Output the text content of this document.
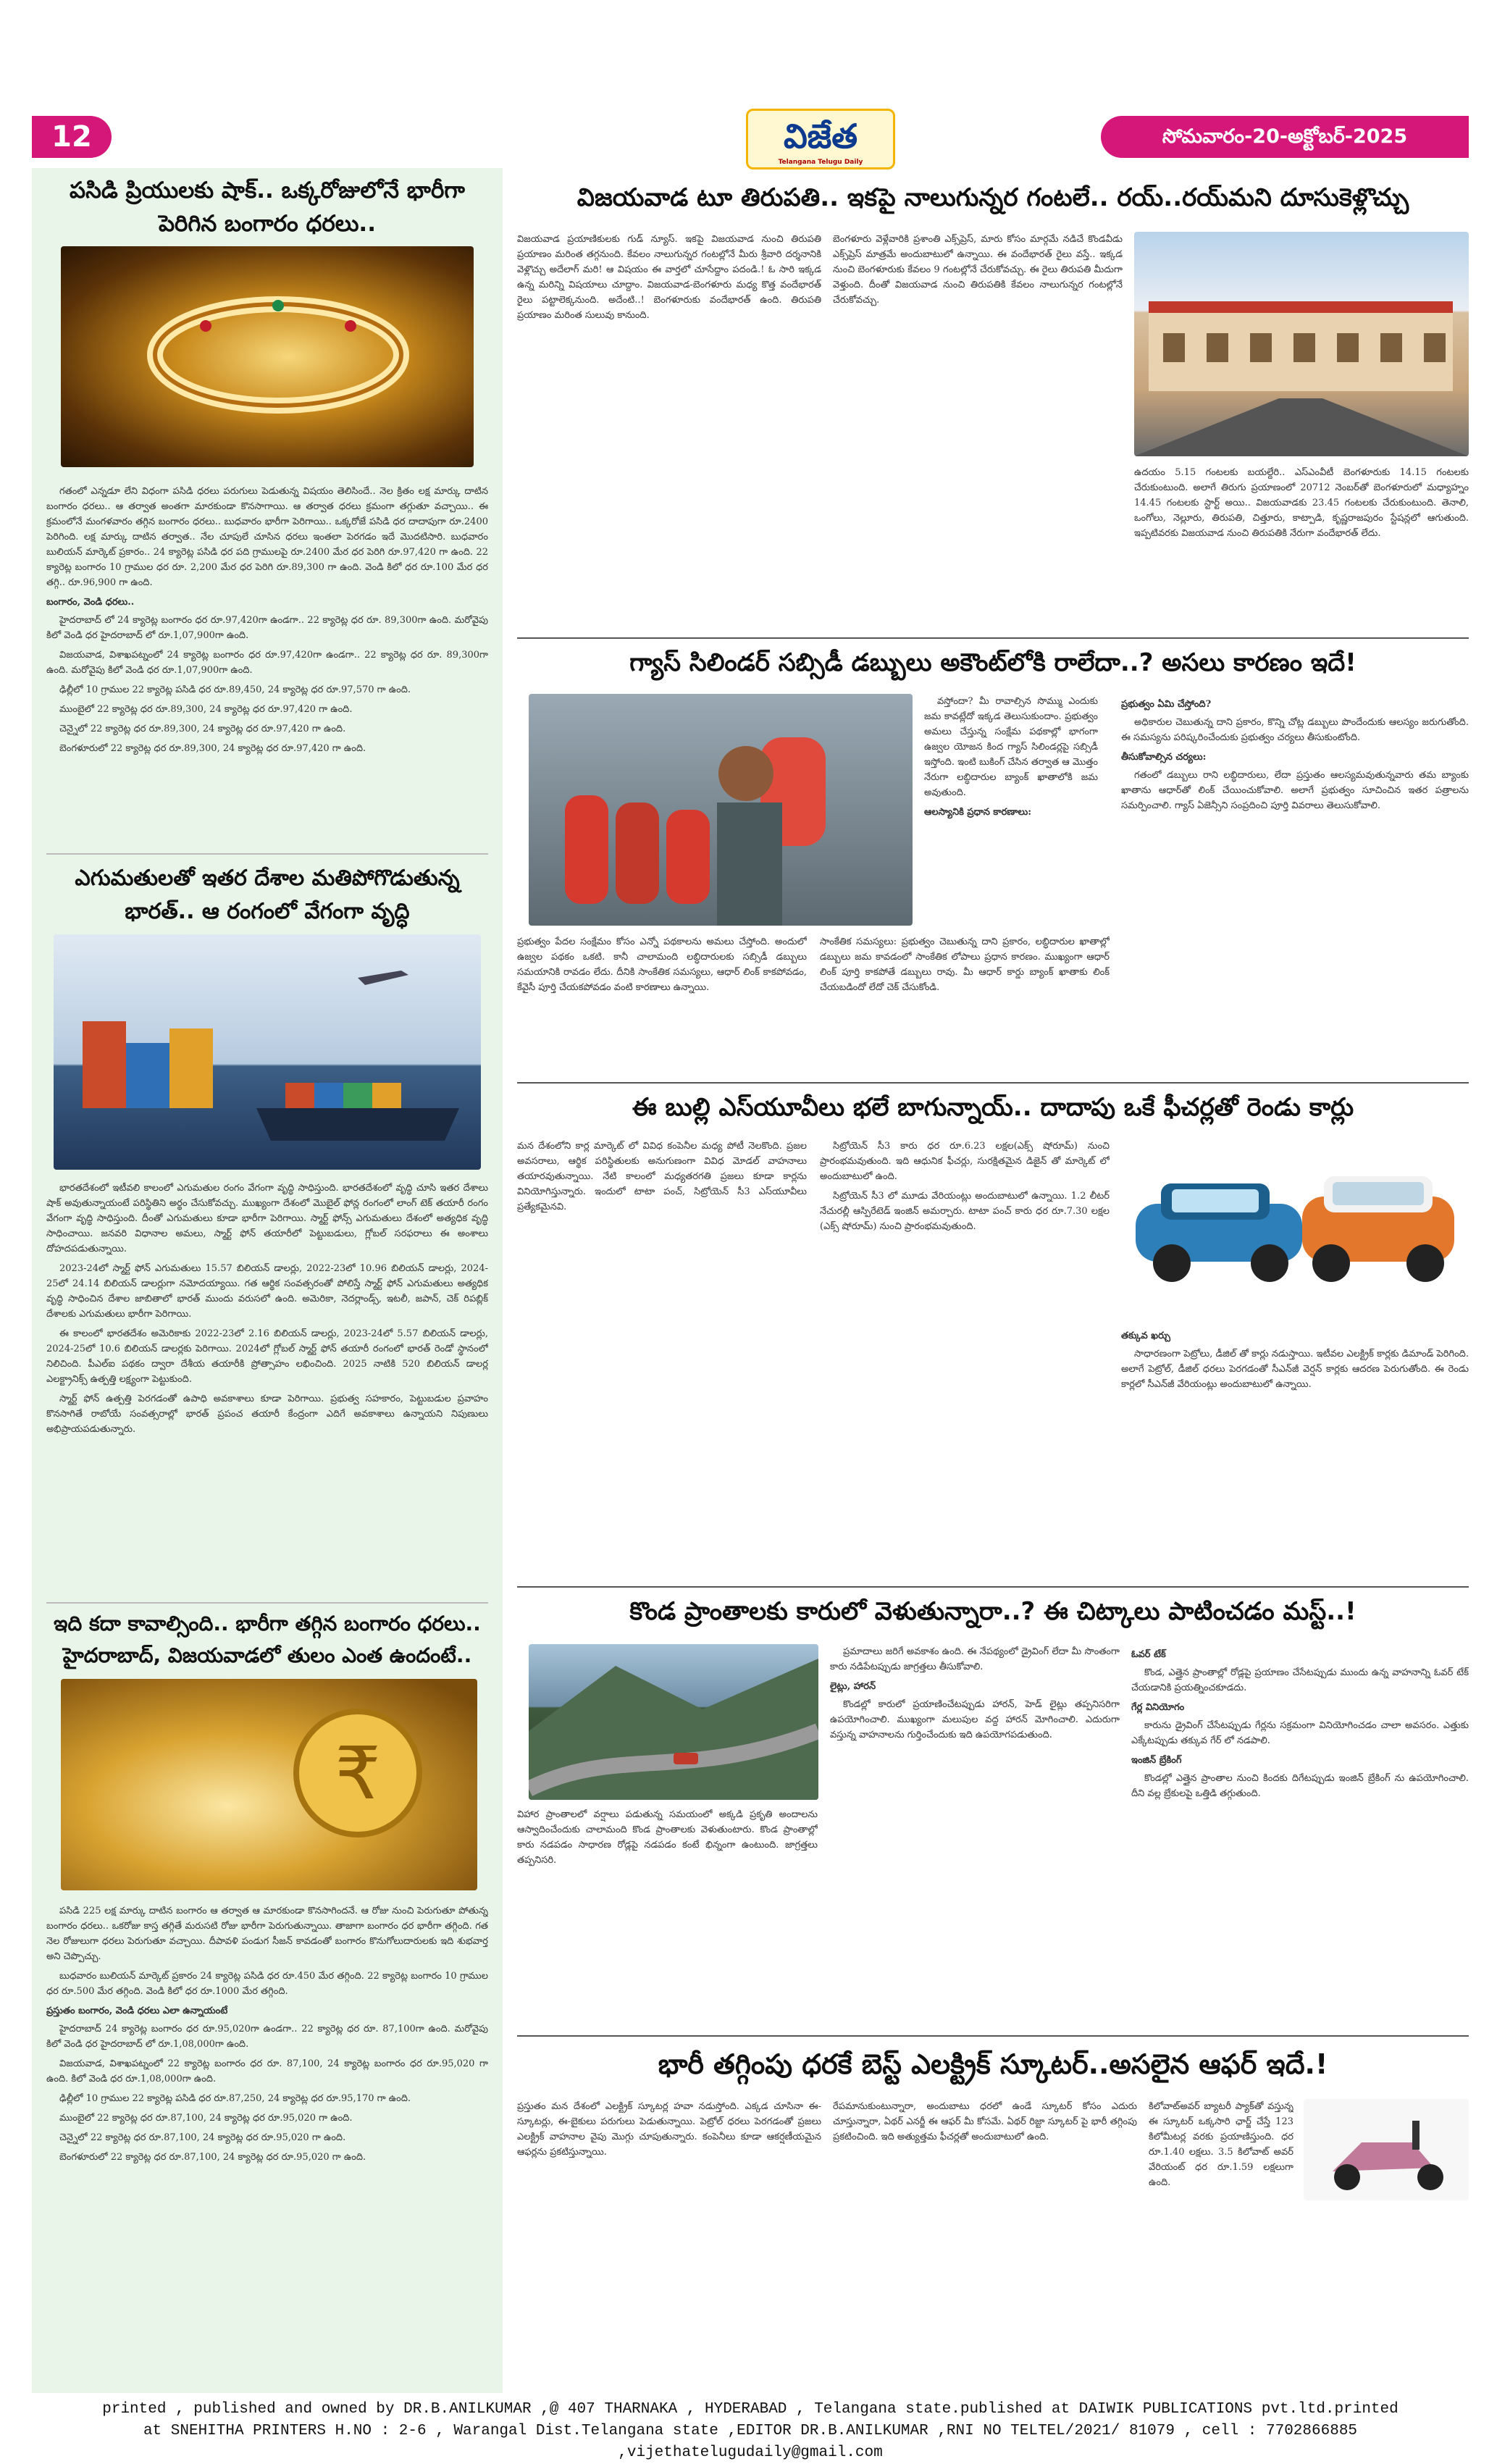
12	విజేత
Telangana Telugu Daily
సోమవారం-20-అక్టోబర్-2025
పసిడి ప్రియులకు షాక్.. ఒక్కరోజులోనే భారీగా పెరిగిన బంగారం ధరలు..

గతంలో ఎన్నడూ లేని విధంగా పసిడి ధరలు పరుగులు పెడుతున్న విషయం తెలిసిందే.. నెల క్రితం లక్ష మార్కు దాటిన బంగారం ధరలు.. ఆ తర్వాత అంతగా మారకుండా కొనసాగాయి. ఆ తర్వాత ధరలు క్రమంగా తగ్గుతూ వచ్చాయి.. ఈ క్రమంలోనే మంగళవారం తగ్గిన బంగారం ధరలు.. బుధవారం భారీగా పెరిగాయి.. ఒక్కరోజే పసిడి ధర దాదాపుగా రూ.2400 పెరిగింది. లక్ష మార్కు దాటిన తర్వాత.. నేల చూపులే చూసిన ధరలు ఇంతలా పెరగడం ఇదే మొదటిసారి. బుధవారం బులియన్ మార్కెట్ ప్రకారం.. 24 క్యారెట్ల పసిడి ధర పది గ్రాములపై రూ.2400 మేర ధర పెరిగి రూ.97,420 గా ఉంది. 22 క్యారెట్ల బంగారం 10 గ్రాముల ధర రూ. 2,200 మేర ధర పెరిగి రూ.89,300 గా ఉంది. వెండి కిలో ధర రూ.100 మేర ధర తగ్గి.. రూ.96,900 గా ఉంది.

బంగారం, వెండి ధరలు..

హైదరాబాద్ లో 24 క్యారెట్ల బంగారం ధర రూ.97,420గా ఉండగా.. 22 క్యారెట్ల ధర రూ. 89,300గా ఉంది. మరోవైపు కిలో వెండి ధర హైదరాబాద్ లో రూ.1,07,900గా ఉంది.

విజయవాడ, విశాఖపట్నంలో 24 క్యారెట్ల బంగారం ధర రూ.97,420గా ఉండగా.. 22 క్యారెట్ల ధర రూ. 89,300గా ఉంది. మరోవైపు కిలో వెండి ధర రూ.1,07,900గా ఉంది.

ఢిల్లీలో 10 గ్రాముల 22 క్యారెట్ల పసిడి ధర రూ.89,450, 24 క్యారెట్ల ధర రూ.97,570 గా ఉంది.

ముంబైలో 22 క్యారెట్ల ధర రూ.89,300, 24 క్యారెట్ల ధర రూ.97,420 గా ఉంది.

చెన్నైలో 22 క్యారెట్ల ధర రూ.89,300, 24 క్యారెట్ల ధర రూ.97,420 గా ఉంది.

బెంగళూరులో 22 క్యారెట్ల ధర రూ.89,300, 24 క్యారెట్ల ధర రూ.97,420 గా ఉంది.

ఎగుమతులతో ఇతర దేశాల మతిపోగొడుతున్న భారత్.. ఆ రంగంలో వేగంగా వృద్ధి

భారతదేశంలో ఇటీవలి కాలంలో ఎగుమతుల రంగం వేగంగా వృద్ధి సాధిస్తుంది. భారతదేశంలో వృద్ధి చూసి ఇతర దేశాలు షాక్ అవుతున్నాయంటే పరిస్థితిని అర్థం చేసుకోవచ్చు. ముఖ్యంగా దేశంలో మొబైల్ ఫోన్ల రంగంలో లాంగ్ టెక్ తయారీ రంగం వేగంగా వృద్ధి సాధిస్తుంది. దీంతో ఎగుమతులు కూడా భారీగా పెరిగాయి. స్మార్ట్ ఫోన్స్ ఎగుమతులు దేశంలో అత్యధిక వృద్ధి సాధించాయి. జనవరి విధానాల అమలు, స్మార్ట్ ఫోన్ తయారీలో పెట్టుబడులు, గ్లోబల్ సరఫరాలు ఈ అంశాలు దోహదపడుతున్నాయి.

2023-24లో స్మార్ట్ ఫోన్ ఎగుమతులు 15.57 బిలియన్ డాలర్లు, 2022-23లో 10.96 బిలియన్ డాలర్లు, 2024-25లో 24.14 బిలియన్ డాలర్లుగా నమోదయ్యాయి. గత ఆర్థిక సంవత్సరంతో పోలిస్తే స్మార్ట్ ఫోన్ ఎగుమతులు అత్యధిక వృద్ధి సాధించిన దేశాల జాబితాలో భారత్ ముందు వరుసలో ఉంది. అమెరికా, నెదర్లాండ్స్, ఇటలీ, జపాన్, చెక్ రిపబ్లిక్ దేశాలకు ఎగుమతులు భారీగా పెరిగాయి.

ఈ కాలంలో భారతదేశం అమెరికాకు 2022-23లో 2.16 బిలియన్ డాలర్లు, 2023-24లో 5.57 బిలియన్ డాలర్లు, 2024-25లో 10.6 బిలియన్ డాలర్లకు పెరిగాయి. 2024లో గ్లోబల్ స్మార్ట్ ఫోన్ తయారీ రంగంలో భారత్ రెండో స్థానంలో నిలిచింది. పీఎల్ఐ పథకం ద్వారా దేశీయ తయారీకి ప్రోత్సాహం లభించింది. 2025 నాటికి 520 బిలియన్ డాలర్ల ఎలక్ట్రానిక్స్ ఉత్పత్తి లక్ష్యంగా పెట్టుకుంది.

స్మార్ట్ ఫోన్ ఉత్పత్తి పెరగడంతో ఉపాధి అవకాశాలు కూడా పెరిగాయి. ప్రభుత్వ సహకారం, పెట్టుబడుల ప్రవాహం కొనసాగితే రాబోయే సంవత్సరాల్లో భారత్ ప్రపంచ తయారీ కేంద్రంగా ఎదిగే అవకాశాలు ఉన్నాయని నిపుణులు అభిప్రాయపడుతున్నారు.

ఇది కదా కావాల్సింది.. భారీగా తగ్గిన బంగారం ధరలు.. హైదరాబాద్, విజయవాడలో తులం ఎంత ఉందంటే..
₹

పసిడి 225 లక్ష మార్కు దాటిన బంగారం ఆ తర్వాత ఆ మారకుండా కొనసాగిందనే. ఆ రోజు నుంచి పెరుగుతూ పోతున్న బంగారం ధరలు.. ఒకరోజు కాస్త తగ్గితే మరుసటి రోజు భారీగా పెరుగుతున్నాయి. తాజాగా బంగారం ధర భారీగా తగ్గింది. గత నెల రోజులుగా ధరలు పెరుగుతూ వచ్చాయి. దీపావళి పండుగ సీజన్ కావడంతో బంగారం కొనుగోలుదారులకు ఇది శుభవార్త అని చెప్పొచ్చు.

బుధవారం బులియన్ మార్కెట్ ప్రకారం 24 క్యారెట్ల పసిడి ధర రూ.450 మేర తగ్గింది. 22 క్యారెట్ల బంగారం 10 గ్రాముల ధర రూ.500 మేర తగ్గింది. వెండి కిలో ధర రూ.1000 మేర తగ్గింది.

ప్రస్తుతం బంగారం, వెండి ధరలు ఎలా ఉన్నాయంటే

హైదరాబాద్ 24 క్యారెట్ల బంగారం ధర రూ.95,020గా ఉండగా.. 22 క్యారెట్ల ధర రూ. 87,100గా ఉంది. మరోవైపు కిలో వెండి ధర హైదరాబాద్ లో రూ.1,08,000గా ఉంది.

విజయవాడ, విశాఖపట్నంలో 22 క్యారెట్ల బంగారం ధర రూ. 87,100, 24 క్యారెట్ల బంగారం ధర రూ.95,020 గా ఉంది. కిలో వెండి ధర రూ.1,08,000గా ఉంది.

ఢిల్లీలో 10 గ్రాముల 22 క్యారెట్ల పసిడి ధర రూ.87,250, 24 క్యారెట్ల ధర రూ.95,170 గా ఉంది.

ముంబైలో 22 క్యారెట్ల ధర రూ.87,100, 24 క్యారెట్ల ధర రూ.95,020 గా ఉంది.

చెన్నైలో 22 క్యారెట్ల ధర రూ.87,100, 24 క్యారెట్ల ధర రూ.95,020 గా ఉంది.

బెంగళూరులో 22 క్యారెట్ల ధర రూ.87,100, 24 క్యారెట్ల ధర రూ.95,020 గా ఉంది.

విజయవాడ టూ తిరుపతి.. ఇకపై నాలుగున్నర గంటలే.. రయ్..రయ్‌మని దూసుకెళ్లొచ్చు
విజయవాడ ప్రయాణికులకు గుడ్ న్యూస్. ఇకపై విజయవాడ నుంచి తిరుపతి ప్రయాణం మరింత తగ్గనుంది. కేవలం నాలుగున్నర గంటల్లోనే మీరు శ్రీవారి దర్శనానికి వెళ్లొచ్చు అదేలాగ్ మరి! ఆ విషయం ఈ వార్తలో చూసేద్దాం పదండి.! ఓ సారి ఇక్కడ ఉన్న మరిన్ని విషయాలు చూద్దాం. విజయవాడ-బెంగళూరు మధ్య కొత్త వందేభారత్ రైలు పట్టాలెక్కనుంది. అదేంటి..! బెంగళూరుకు వందేభారత్ ఉంది. తిరుపతి ప్రయాణం మరింత సులువు కానుంది.
బెంగళూరు వెళ్లేవారికి ప్రశాంతి ఎక్స్‌ప్రెస్, మారు కోసం మార్గమే నడిచే కొండవీడు ఎక్స్‌ప్రెస్ మాత్రమే అందుబాటులో ఉన్నాయి. ఈ వందేభారత్ రైలు వస్తే.. ఇక్కడ నుంచి బెంగళూరుకు కేవలం 9 గంటల్లోనే చేరుకోవచ్చు. ఈ రైలు తిరుపతి మీదుగా వెళ్తుంది. దీంతో విజయవాడ నుంచి తిరుపతికి కేవలం నాలుగున్నర గంటల్లోనే చేరుకోవచ్చు.
ఉదయం 5.15 గంటలకు బయల్దేరి.. ఎస్ఎంవీటీ బెంగళూరుకు 14.15 గంటలకు చేరుకుంటుంది. అలాగే తిరుగు ప్రయాణంలో 20712 నెంబర్‌తో బెంగళూరులో మధ్యాహ్నం 14.45 గంటలకు స్టార్ట్ అయి.. విజయవాడకు 23.45 గంటలకు చేరుకుంటుంది. తెనాలి, ఒంగోలు, నెల్లూరు, తిరుపతి, చిత్తూరు, కాట్పాడి, కృష్ణరాజపురం స్టేషన్లలో ఆగుతుంది. ఇప్పటివరకు విజయవాడ నుంచి తిరుపతికి నేరుగా వందేభారత్ లేదు.
గ్యాస్ సిలిండర్ సబ్సిడీ డబ్బులు అకౌంట్‌లోకి రాలేదా..? అసలు కారణం ఇదే!

వస్తోందా? మీ రావాల్సిన సొమ్ము ఎందుకు జమ కావట్లేదో ఇక్కడ తెలుసుకుందాం. ప్రభుత్వం అమలు చేస్తున్న సంక్షేమ పథకాల్లో భాగంగా ఉజ్వల యోజన కింద గ్యాస్ సిలిండర్లపై సబ్సిడీ ఇస్తోంది. ఇంటి బుకింగ్ చేసిన తర్వాత ఆ మొత్తం నేరుగా లబ్ధిదారుల బ్యాంక్ ఖాతాలోకి జమ అవుతుంది.

ఆలస్యానికి ప్రధాన కారణాలు:
ప్రభుత్వం పేదల సంక్షేమం కోసం ఎన్నో పథకాలను అమలు చేస్తోంది. అందులో ఉజ్వల పథకం ఒకటి. కానీ చాలామంది లబ్ధిదారులకు సబ్సిడీ డబ్బులు సమయానికి రావడం లేదు. దీనికి సాంకేతిక సమస్యలు, ఆధార్ లింక్ కాకపోవడం, కేవైసీ పూర్తి చేయకపోవడం వంటి కారణాలు ఉన్నాయి.
సాంకేతిక సమస్యలు: ప్రభుత్వం చెబుతున్న దాని ప్రకారం, లబ్ధిదారుల ఖాతాల్లో డబ్బులు జమ కావడంలో సాంకేతిక లోపాలు ప్రధాన కారణం. ముఖ్యంగా ఆధార్ లింక్ పూర్తి కాకపోతే డబ్బులు రావు. మీ ఆధార్ కార్డు బ్యాంక్ ఖాతాకు లింక్ చేయబడిందో లేదో చెక్ చేసుకోండి.
ప్రభుత్వం ఏమి చేస్తోంది?

అధికారుల చెబుతున్న దాని ప్రకారం, కొన్ని చోట్ల డబ్బులు పొందేందుకు ఆలస్యం జరుగుతోంది. ఈ సమస్యను పరిష్కరించేందుకు ప్రభుత్వం చర్యలు తీసుకుంటోంది.

తీసుకోవాల్సిన చర్యలు:

గతంలో డబ్బులు రాని లబ్ధిదారులు, లేదా ప్రస్తుతం ఆలస్యమవుతున్నవారు తమ బ్యాంకు ఖాతాను ఆధార్‌తో లింక్ చేయించుకోవాలి. అలాగే ప్రభుత్వం సూచించిన ఇతర పత్రాలను సమర్పించాలి. గ్యాస్ ఏజెన్సీని సంప్రదించి పూర్తి వివరాలు తెలుసుకోవాలి.

ఈ బుల్లి ఎస్‌యూవీలు భలే బాగున్నాయ్.. దాదాపు ఒకే ఫీచర్లతో రెండు కార్లు
మన దేశంలోని కార్ల మార్కెట్ లో వివిధ కంపెనీల మధ్య పోటీ నెలకొంది. ప్రజల అవసరాలు, ఆర్థిక పరిస్థితులకు అనుగుణంగా వివిధ మోడల్ వాహనాలు తయారవుతున్నాయి. నేటి కాలంలో మధ్యతరగతి ప్రజలు కూడా కార్లను వినియోగిస్తున్నారు. ఇందులో టాటా పంచ్, సిట్రోయెన్ సీ3 ఎస్‌యూవీలు ప్రత్యేకమైనవి.

సిట్రోయెన్ సీ3 కారు ధర రూ.6.23 లక్షల(ఎక్స్ షోరూమ్) నుంచి ప్రారంభమవుతుంది. ఇది ఆధునిక ఫీచర్లు, సురక్షితమైన డిజైన్ తో మార్కెట్ లో అందుబాటులో ఉంది.

సిట్రోయెన్ సీ3 లో మూడు వేరియంట్లు అందుబాటులో ఉన్నాయి. 1.2 లీటర్ నేచురల్లీ ఆస్పిరేటెడ్ ఇంజిన్ అమర్చారు. టాటా పంచ్ కారు ధర రూ.7.30 లక్షల (ఎక్స్ షోరూమ్) నుంచి ప్రారంభమవుతుంది.

తక్కువ ఖర్చు

సాధారణంగా పెట్రోలు, డీజిల్ తో కార్లు నడుస్తాయి. ఇటీవల ఎలక్ట్రిక్ కార్లకు డిమాండ్ పెరిగింది. అలాగే పెట్రోల్, డీజిల్ ధరలు పెరగడంతో సీఎన్‌జీ వెర్షన్ కార్లకు ఆదరణ పెరుగుతోంది. ఈ రెండు కార్లలో సీఎన్‌జీ వేరియంట్లు అందుబాటులో ఉన్నాయి.

కొండ ప్రాంతాలకు కారులో వెళుతున్నారా..? ఈ చిట్కాలు పాటించడం మస్ట్..!
విహార ప్రాంతాలలో వర్షాలు పడుతున్న సమయంలో అక్కడి ప్రకృతి అందాలను ఆస్వాదించేందుకు చాలామంది కొండ ప్రాంతాలకు వెళుతుంటారు. కొండ ప్రాంతాల్లో కారు నడపడం సాధారణ రోడ్లపై నడపడం కంటే భిన్నంగా ఉంటుంది. జాగ్రత్తలు తప్పనిసరి.

ప్రమాదాలు జరిగే అవకాశం ఉంది. ఈ నేపథ్యంలో డ్రైవింగ్ లేదా మీ సొంతంగా కారు నడిపేటప్పుడు జాగ్రత్తలు తీసుకోవాలి.

లైట్లు, హారన్

కొండల్లో కారులో ప్రయాణించేటప్పుడు హారన్, హెడ్ లైట్లు తప్పనిసరిగా ఉపయోగించాలి. ముఖ్యంగా మలుపుల వద్ద హారన్ మోగించాలి. ఎదురుగా వస్తున్న వాహనాలను గుర్తించేందుకు ఇది ఉపయోగపడుతుంది.

ఓవర్ టేక్

కొండ, ఎత్తైన ప్రాంతాల్లో రోడ్లపై ప్రయాణం చేసేటప్పుడు ముందు ఉన్న వాహనాన్ని ఓవర్ టేక్ చేయడానికి ప్రయత్నించకూడదు.

గేర్ల వినియోగం

కారును డ్రైవింగ్ చేసేటప్పుడు గేర్లను సక్రమంగా వినియోగించడం చాలా అవసరం. ఎత్తుకు ఎక్కేటప్పుడు తక్కువ గేర్ లో నడపాలి.

ఇంజిన్ బ్రేకింగ్

కొండల్లో ఎత్తైన ప్రాంతాల నుంచి కిందకు దిగేటప్పుడు ఇంజిన్ బ్రేకింగ్ ను ఉపయోగించాలి. దీని వల్ల బ్రేకులపై ఒత్తిడి తగ్గుతుంది.

భారీ తగ్గింపు ధరకే బెస్ట్ ఎలక్ట్రిక్ స్కూటర్..అసలైన ఆఫర్ ఇదే.!
ప్రస్తుతం మన దేశంలో ఎలక్ట్రిక్ స్కూటర్ల హవా నడుస్తోంది. ఎక్కడ చూసినా ఈ-స్కూటర్లు, ఈ-బైకులు పరుగులు పెడుతున్నాయి. పెట్రోల్ ధరలు పెరగడంతో ప్రజలు ఎలక్ట్రిక్ వాహనాల వైపు మొగ్గు చూపుతున్నారు. కంపెనీలు కూడా ఆకర్షణీయమైన ఆఫర్లను ప్రకటిస్తున్నాయి.
రేపమానుకుంటున్నారా, అందుబాటు ధరలో ఉండే స్కూటర్ కోసం ఎదురు చూస్తున్నారా, ఏథర్ ఎనర్జీ ఈ ఆఫర్ మీ కోసమే. ఏథర్ రిజ్టా స్కూటర్ పై భారీ తగ్గింపు ప్రకటించింది. ఇది అత్యుత్తమ ఫీచర్లతో అందుబాటులో ఉంది.
కిలోవాట్‌అవర్ బ్యాటరీ ప్యాక్‌తో వస్తున్న ఈ స్కూటర్ ఒక్కసారి ఛార్జ్ చేస్తే 123 కిలోమీటర్ల వరకు ప్రయాణిస్తుంది. ధర రూ.1.40 లక్షలు. 3.5 కిలోవాట్ అవర్ వేరియంట్ ధర రూ.1.59 లక్షలుగా ఉంది.
printed , published and owned by DR.B.ANILKUMAR ,@ 407 THARNAKA , HYDERABAD , Telangana state.published at DAIWIK PUBLICATIONS pvt.ltd.printed
at SNEHITHA PRINTERS H.NO : 2-6 , Warangal Dist.Telangana state ,EDITOR DR.B.ANILKUMAR ,RNI NO TELTEL/2021/ 81079 , cell : 7702866885 ,vijethatelugudaily@gmail.com
